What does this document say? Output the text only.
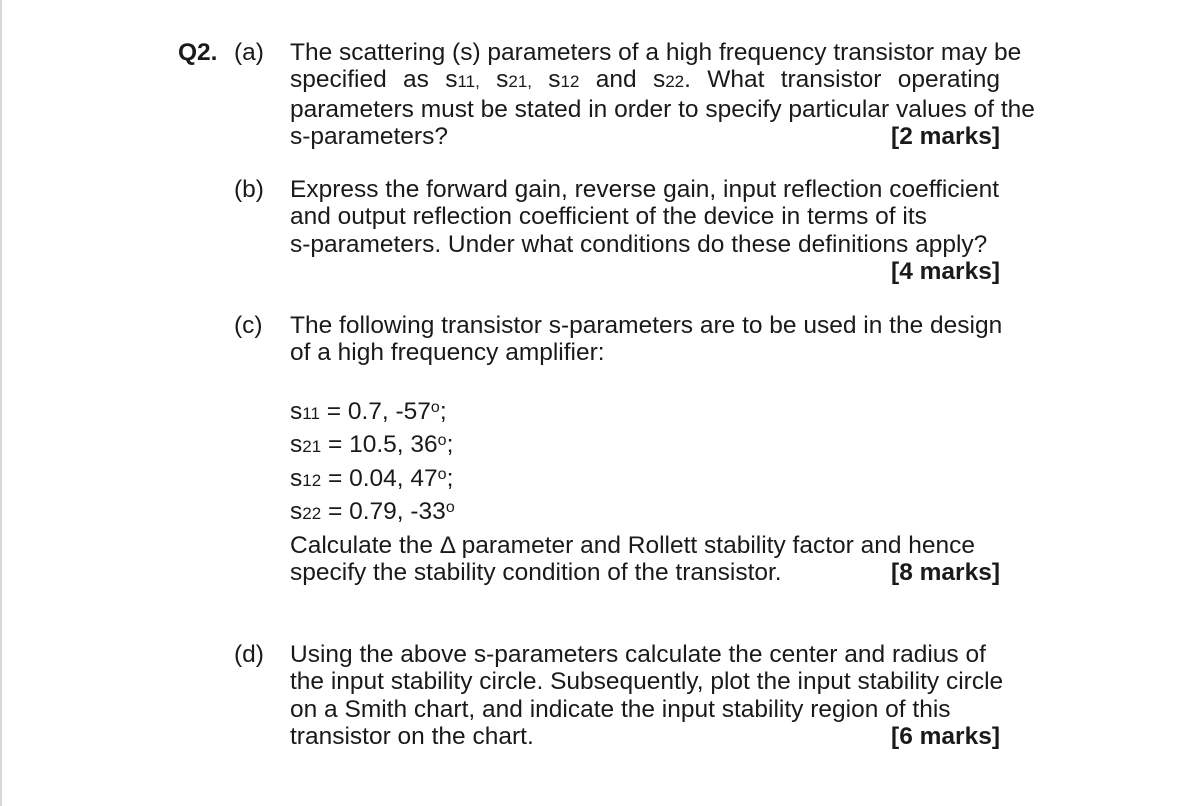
Q2. (a) The scattering (s) parameters of a high frequency transistor may be
specified as s11, s21, s12 and s22. What transistor operating
parameters must be stated in order to specify particular values of the
s-parameters?	[2 marks]
(b) Express the forward gain, reverse gain, input reflection coefficient
and output reflection coefficient of the device in terms of its
s-parameters. Under what conditions do these definitions apply?
[4 marks]
(c) The following transistor s-parameters are to be used in the design
of a high frequency amplifier:
s11 = 0.7, -57$^o$;
s21 = 10.5, 36$^o$;
s12 = 0.04, 47$^o$;
s22 = 0.79, -33$^o$
Calculate the Δ parameter and Rollett stability factor and hence
specify the stability condition of the transistor.	[8 marks]
(d) Using the above s-parameters calculate the center and radius of
the input stability circle. Subsequently, plot the input stability circle
on a Smith chart, and indicate the input stability region of this
transistor on the chart.	[6 marks]
